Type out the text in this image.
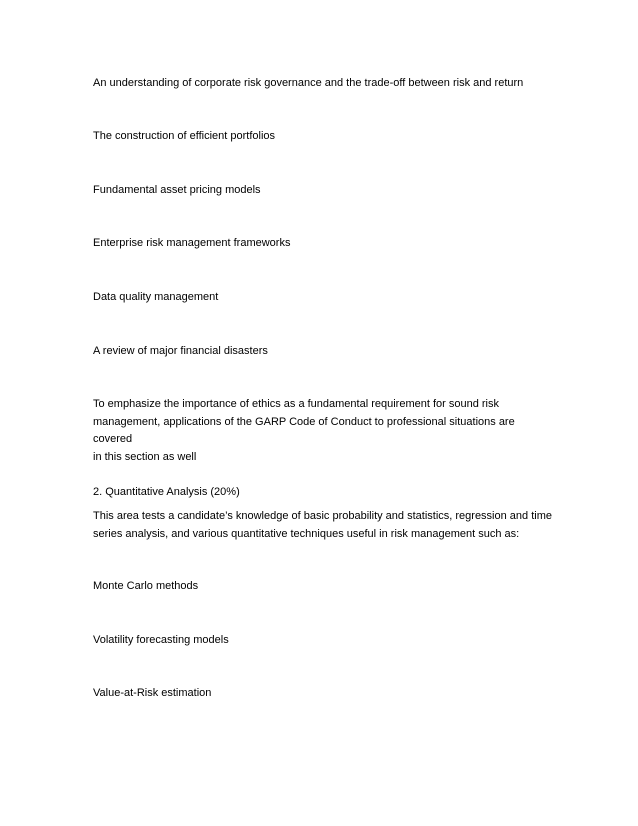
An understanding of corporate risk governance and the trade-off between risk and return
The construction of efficient portfolios
Fundamental asset pricing models
Enterprise risk management frameworks
Data quality management
A review of major financial disasters
To emphasize the importance of ethics as a fundamental requirement for sound risk
management, applications of the GARP Code of Conduct to professional situations are covered
in this section as well
2. Quantitative Analysis (20%)
This area tests a candidate’s knowledge of basic probability and statistics, regression and time
series analysis, and various quantitative techniques useful in risk management such as:
Monte Carlo methods
Volatility forecasting models
Value-at-Risk estimation
